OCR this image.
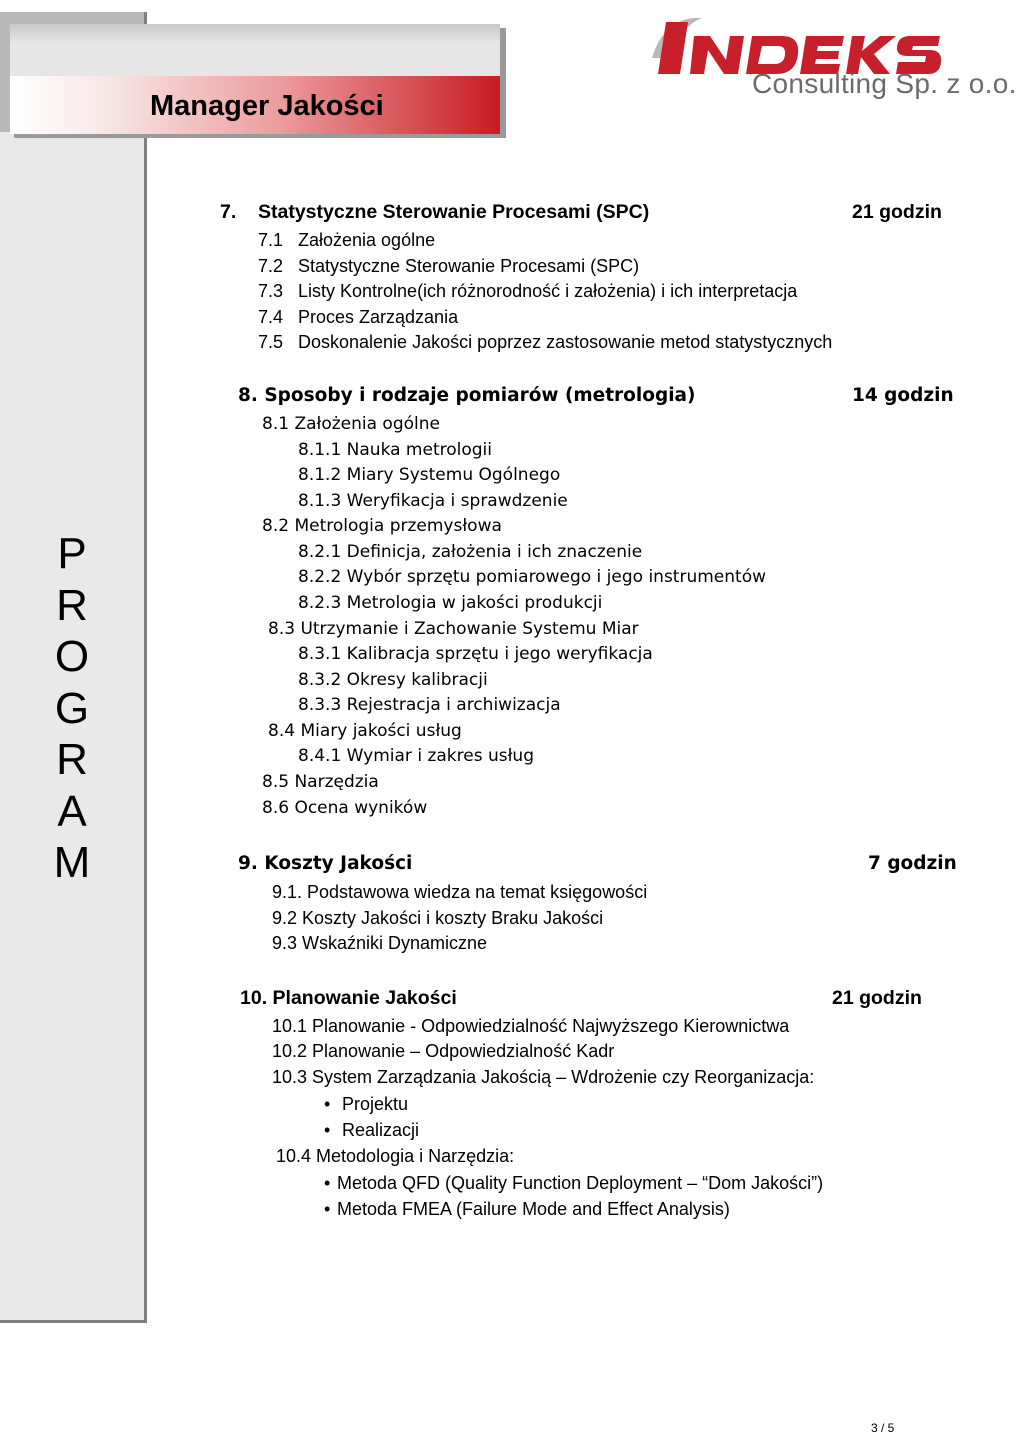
Manager Jakości
Consulting Sp. z o.o.
P
R
O
G
R
A
M
7. Statystyczne Sterowanie Procesami (SPC)	21 godzin
7.1 Założenia ogólne
7.2 Statystyczne Sterowanie Procesami (SPC)
7.3 Listy Kontrolne(ich różnorodność i założenia) i ich interpretacja
7.4 Proces Zarządzania
7.5 Doskonalenie Jakości poprzez zastosowanie metod statystycznych
8. Sposoby i rodzaje pomiarów (metrologia)	14 godzin
8.1 Założenia ogólne
8.1.1 Nauka metrologii
8.1.2 Miary Systemu Ogólnego
8.1.3 Weryfikacja i sprawdzenie
8.2 Metrologia przemysłowa
8.2.1 Definicja, założenia i ich znaczenie
8.2.2 Wybór sprzętu pomiarowego i jego instrumentów
8.2.3 Metrologia w jakości produkcji
8.3 Utrzymanie i Zachowanie Systemu Miar
8.3.1 Kalibracja sprzętu i jego weryfikacja
8.3.2 Okresy kalibracji
8.3.3 Rejestracja i archiwizacja
8.4 Miary jakości usług
8.4.1 Wymiar i zakres usług
8.5 Narzędzia
8.6 Ocena wyników
9. Koszty Jakości	7 godzin
9.1. Podstawowa wiedza na temat księgowości
9.2 Koszty Jakości i koszty Braku Jakości
9.3 Wskaźniki Dynamiczne
10. Planowanie Jakości	21 godzin
10.1 Planowanie - Odpowiedzialność Najwyższego Kierownictwa
10.2 Planowanie – Odpowiedzialność Kadr
10.3 System Zarządzania Jakością – Wdrożenie czy Reorganizacja:
• Projektu
• Realizacji
10.4 Metodologia i Narzędzia:
• Metoda QFD (Quality Function Deployment – “Dom Jakości”)
• Metoda FMEA (Failure Mode and Effect Analysis)
3 / 5
